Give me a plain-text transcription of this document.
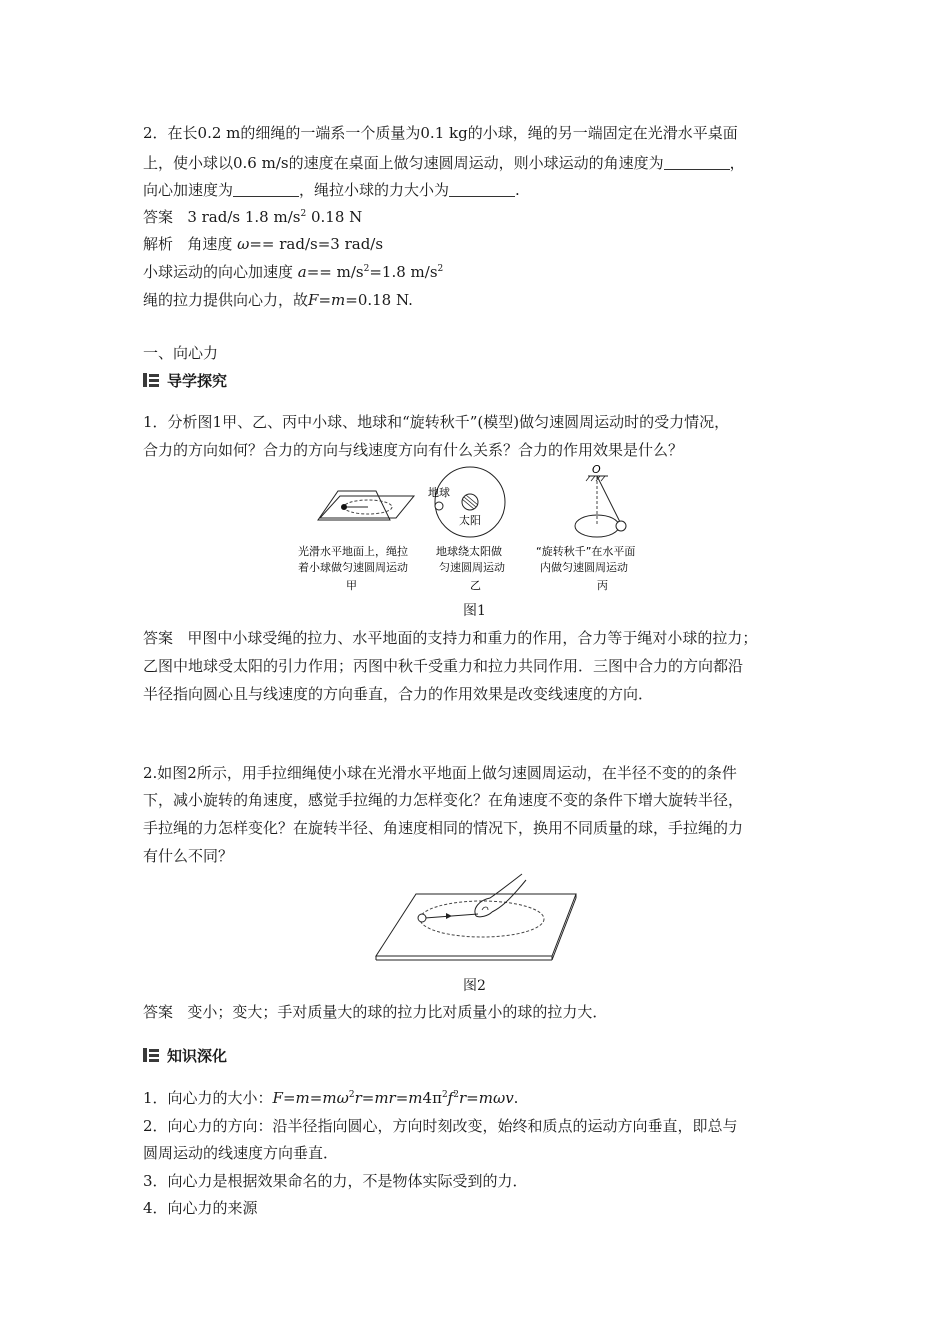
2．在长0.2 m的细绳的一端系一个质量为0.1 kg的小球，绳的另一端固定在光滑水平桌面
上，使小球以0.6 m/s的速度在桌面上做匀速圆周运动，则小球运动的角速度为	，
向心加速度为	，绳拉小球的力大小为	.
答案 3 rad/s 1.8 $m/s^2$ 0.18 N
解析 角速度 ω== rad/s=3 rad/s
小球运动的向心加速度 $a== m/s^2=1.8$ $m/s^2$
绳的拉力提供向心力，故F=m=0.18 N.
一、向心力
导学探究
1．分析图1甲、乙、丙中小球、地球和“旋转秋千”(模型)做匀速圆周运动时的受力情况，
合力的方向如何？合力的方向与线速度方向有什么关系？合力的作用效果是什么？
地球
太阳
O
光滑水平地面上，绳拉
着小球做匀速圆周运动
甲
地球绕太阳做
匀速圆周运动
乙
“旋转秋千”在水平面
内做匀速圆周运动
丙
图1
答案 甲图中小球受绳的拉力、水平地面的支持力和重力的作用，合力等于绳对小球的拉力；
乙图中地球受太阳的引力作用；丙图中秋千受重力和拉力共同作用．三图中合力的方向都沿
半径指向圆心且与线速度的方向垂直，合力的作用效果是改变线速度的方向．
2.如图2所示，用手拉细绳使小球在光滑水平地面上做匀速圆周运动，在半径不变的的条件
下，减小旋转的角速度，感觉手拉绳的力怎样变化？在角速度不变的条件下增大旋转半径，
手拉绳的力怎样变化？在旋转半径、角速度相同的情况下，换用不同质量的球，手拉绳的力
有什么不同？
图2
答案 变小；变大；手对质量大的球的拉力比对质量小的球的拉力大．
知识深化
1．向心力的大小：$F=m=m\omega^2r=mr=m4\pi^2f^2r=m\omega v$.
2．向心力的方向：沿半径指向圆心，方向时刻改变，始终和质点的运动方向垂直，即总与
圆周运动的线速度方向垂直．
3．向心力是根据效果命名的力，不是物体实际受到的力．
4．向心力的来源
